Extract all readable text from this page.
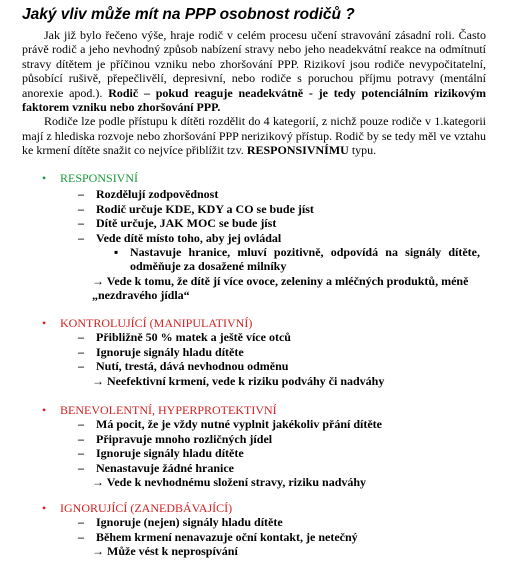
Jaký vliv může mít na PPP osobnost rodičů ?

Jak již bylo řečeno výše, hraje rodič v celém procesu učení stravování zásadní roli. Často právě rodič a jeho nevhodný způsob nabízení stravy nebo jeho neadekvátní reakce na odmítnutí stravy dítětem je příčinou vzniku nebo zhoršování PPP. Rizikoví jsou rodiče nevypočitatelní, působící rušivě, přepečlivělí, depresivní, nebo rodiče s poruchou příjmu potravy (mentální anorexie apod.). Rodič – pokud reaguje neadekvátně - je tedy potenciálním rizikovým faktorem vzniku nebo zhoršování PPP.

Rodiče lze podle přístupu k dítěti rozdělit do 4 kategorií, z nichž pouze rodiče v 1.kategorii mají z hlediska rozvoje nebo zhoršování PPP nerizikový přístup. Rodič by se tedy měl ve vztahu ke krmení dítěte snažit co nejvíce přiblížit tzv. RESPONSIVNÍMU typu.

• RESPONSIVNÍ
– Rozdělují zodpovědnost
– Rodič určuje KDE, KDY a CO se bude jíst
– Dítě určuje, JAK MOC se bude jíst
– Vede dítě místo toho, aby jej ovládal
▪ Nastavuje hranice, mluví pozitivně, odpovídá na signály dítěte, odměňuje za dosažené milníky
→ Vede k tomu, že dítě jí více ovoce, zeleniny a mléčných produktů, méně „nezdravého jídla“
• KONTROLUJÍCÍ (MANIPULATIVNÍ)
– Přibližně 50 % matek a ještě více otců
– Ignoruje signály hladu dítěte
– Nutí, trestá, dává nevhodnou odměnu
→ Neefektivní krmení, vede k riziku podváhy či nadváhy
• BENEVOLENTNÍ, HYPERPROTEKTIVNÍ
– Má pocit, že je vždy nutné vyplnit jakékoliv přání dítěte
– Připravuje mnoho rozličných jídel
– Ignoruje signály hladu dítěte
– Nenastavuje žádné hranice
→ Vede k nevhodnému složení stravy, riziku nadváhy
• IGNORUJÍCÍ (ZANEDBÁVAJÍCÍ)
– Ignoruje (nejen) signály hladu dítěte
– Během krmení nenavazuje oční kontakt, je netečný
→ Může vést k neprospívání
